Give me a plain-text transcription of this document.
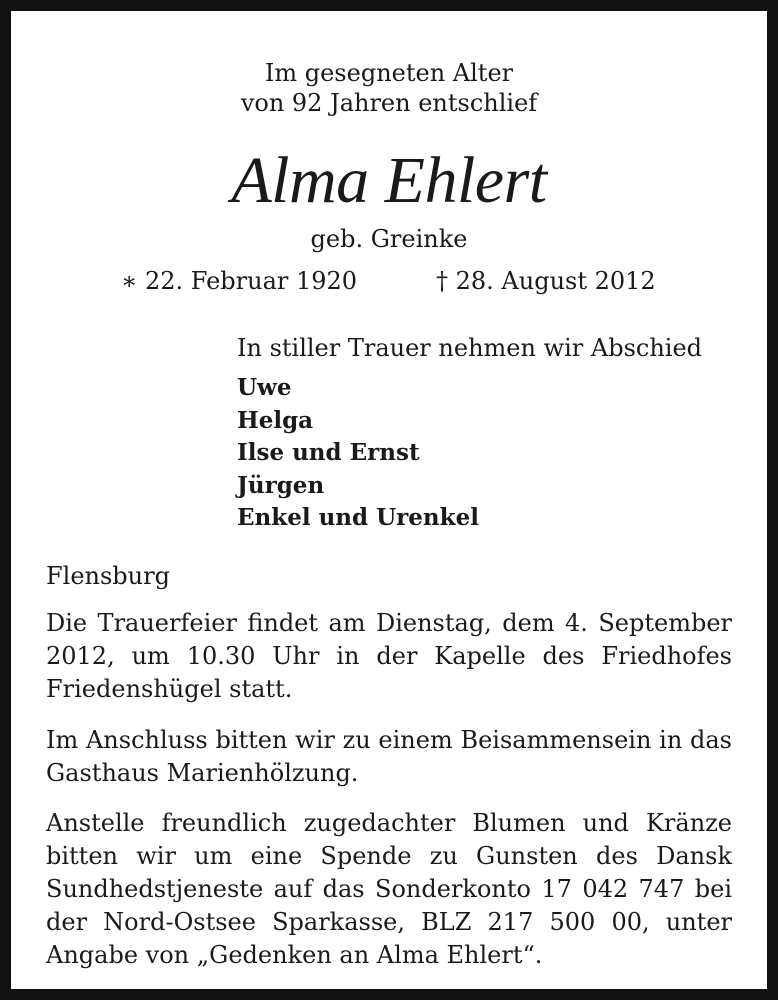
Im gesegneten Alter
von 92 Jahren entschlief
Alma Ehlert
geb. Greinke
∗ 22. Februar 1920	† 28. August 2012
In stiller Trauer nehmen wir Abschied
Uwe
Helga
Ilse und Ernst
Jürgen
Enkel und Urenkel
Flensburg
Die Trauerfeier findet am Dienstag, dem 4. September 2012, um 10.30 Uhr in der Kapelle des Friedhofes Friedenshügel statt.
Im Anschluss bitten wir zu einem Beisammensein in das Gasthaus Marienhölzung.
Anstelle freundlich zugedachter Blumen und Kränze bitten wir um eine Spende zu Gunsten des Dansk Sundhedstjeneste auf das Sonderkonto 17 042 747 bei der Nord-Ostsee Sparkasse, BLZ 217 500 00, unter Angabe von „Gedenken an Alma Ehlert“.
